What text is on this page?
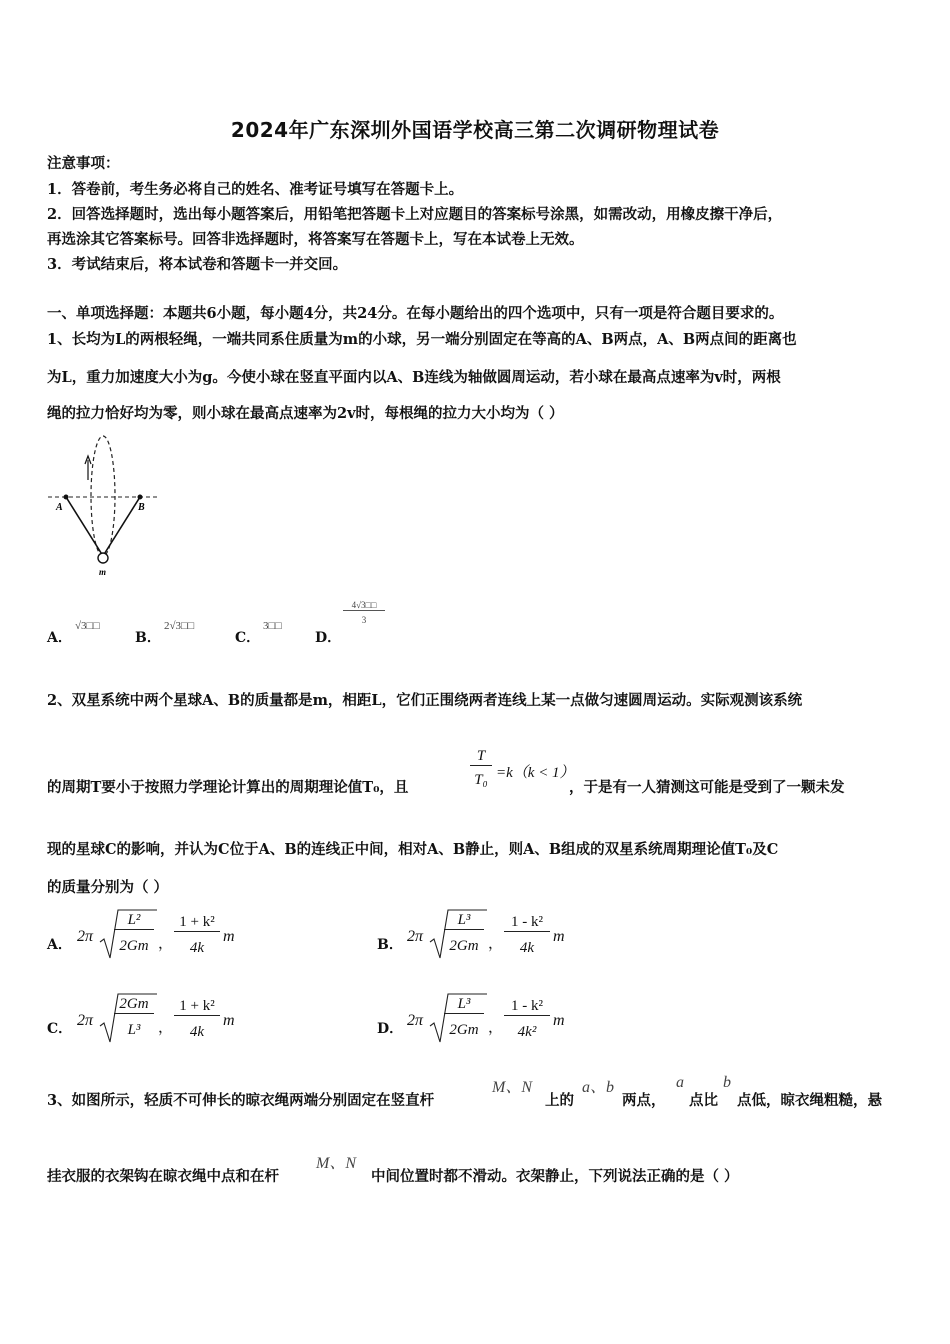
2024年广东深圳外国语学校高三第二次调研物理试卷
注意事项：
1．答卷前，考生务必将自己的姓名、准考证号填写在答题卡上。
2．回答选择题时，选出每小题答案后，用铅笔把答题卡上对应题目的答案标号涂黑，如需改动，用橡皮擦干净后，
再选涂其它答案标号。回答非选择题时，将答案写在答题卡上，写在本试卷上无效。
3．考试结束后，将本试卷和答题卡一并交回。
一、单项选择题：本题共6小题，每小题4分，共24分。在每小题给出的四个选项中，只有一项是符合题目要求的。
1、长均为L的两根轻绳，一端共同系住质量为m的小球，另一端分别固定在等高的A、B两点，A、B两点间的距离也
为L，重力加速度大小为g。今使小球在竖直平面内以A、B连线为轴做圆周运动，若小球在最高点速率为v时，两根
绳的拉力恰好均为零，则小球在最高点速率为2v时，每根绳的拉力大小均为（ ）
A	B
m
A．
√3□□
B．
2√3□□
C．
3□□
D．
4√3□□
3
2、双星系统中两个星球A、B的质量都是m，相距L，它们正围绕两者连线上某一点做匀速圆周运动。实际观测该系统
的周期T要小于按照力学理论计算出的周期理论值T₀，且
T
T₀ =k（k < 1）
，于是有一人猜测这可能是受到了一颗未发
现的星球C的影响，并认为C位于A、B的连线正中间，相对A、B静止，则A、B组成的双星系统周期理论值T₀及C
的质量分别为（ ）
A． 2π
L²
2Gm ，
1 + k²
4k
m	B． 2π
L³
2Gm ，
1 - k²
4k
m
C． 2π
2Gm
L³	，
1 + k²
4k
m	D． 2π
L³
2Gm ，
1 - k²
4k²
m
3、如图所示，轻质不可伸长的晾衣绳两端分别固定在竖直杆
M、N
上的
a、b
两点，
a
点比
b
点低，晾衣绳粗糙，悬
挂衣服的衣架钩在晾衣绳中点和在杆
M、N
中间位置时都不滑动。衣架静止，下列说法正确的是（ ）
